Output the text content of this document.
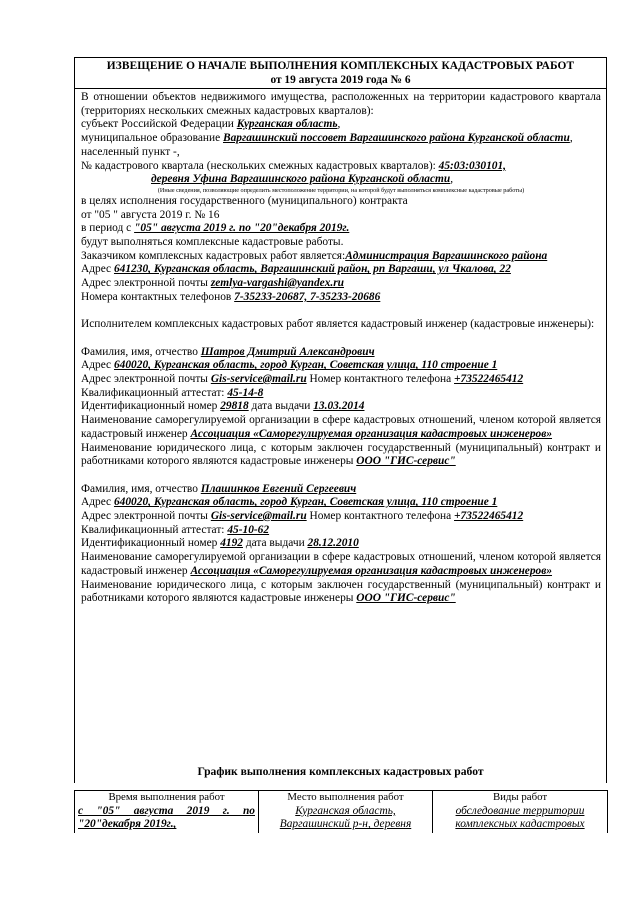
ИЗВЕЩЕНИЕ О НАЧАЛЕ ВЫПОЛНЕНИЯ КОМПЛЕКСНЫХ КАДАСТРОВЫХ РАБОТ
от 19 августа 2019 года № 6

В отношении объектов недвижимого имущества, расположенных на территории кадастрового квартала (территориях нескольких смежных кадастровых кварталов):

субъект Российской Федерации Курганская область,

муниципальное образование Варгашинский поссовет Варгашинского района Курганской области,

населенный пункт -,

№ кадастрового квартала (нескольких смежных кадастровых кварталов): 45:03:030101,

деревня Уфина Варгашинского района Курганской области,

(Иные сведения, позволяющие определить местоположение территории, на которой будут выполняться комплексные кадастровые работы)

в целях исполнения государственного (муниципального) контракта

от "05 " августа 2019 г. № 16

в период с "05" августа 2019 г. по "20"декабря 2019г.

будут выполняться комплексные кадастровые работы.

Заказчиком комплексных кадастровых работ является:Администрация Варгашинского района

Адрес 641230, Курганская область, Варгашинский район, рп Варгаши, ул Чкалова, 22

Адрес электронной почты zemlya-vargashi@yandex.ru

Номера контактных телефонов 7-35233-20687, 7-35233-20686

Исполнителем комплексных кадастровых работ является кадастровый инженер (кадастровые инженеры):

Фамилия, имя, отчество Шатров Дмитрий Александрович

Адрес 640020, Курганская область, город Курган, Советская улица, 110 строение 1

Адрес электронной почты Gis-service@mail.ru Номер контактного телефона +73522465412

Квалификационный аттестат: 45-14-8

Идентификационный номер 29818 дата выдачи 13.03.2014

Наименование саморегулируемой организации в сфере кадастровых отношений, членом которой является кадастровый инженер Ассоциация «Саморегулируемая организация кадастровых инженеров»

Наименование юридического лица, с которым заключен государственный (муниципальный) контракт и работниками которого являются кадастровые инженеры ООО "ГИС-сервис"

Фамилия, имя, отчество Плашинков Евгений Сергеевич

Адрес 640020, Курганская область, город Курган, Советская улица, 110 строение 1

Адрес электронной почты Gis-service@mail.ru Номер контактного телефона +73522465412

Квалификационный аттестат: 45-10-62

Идентификационный номер 4192 дата выдачи 28.12.2010

Наименование саморегулируемой организации в сфере кадастровых отношений, членом которой является кадастровый инженер Ассоциация «Саморегулируемая организация кадастровых инженеров»

Наименование юридического лица, с которым заключен государственный (муниципальный) контракт и работниками которого являются кадастровые инженеры ООО "ГИС-сервис"

График выполнения комплексных кадастровых работ
Время выполнения работ	Место выполнения работ	Виды работ
с "05" августа 2019 г. по "20"декабря 2019г.,	Курганская область, Варгашинский р-н, деревня	обследование территории комплексных кадастровых
